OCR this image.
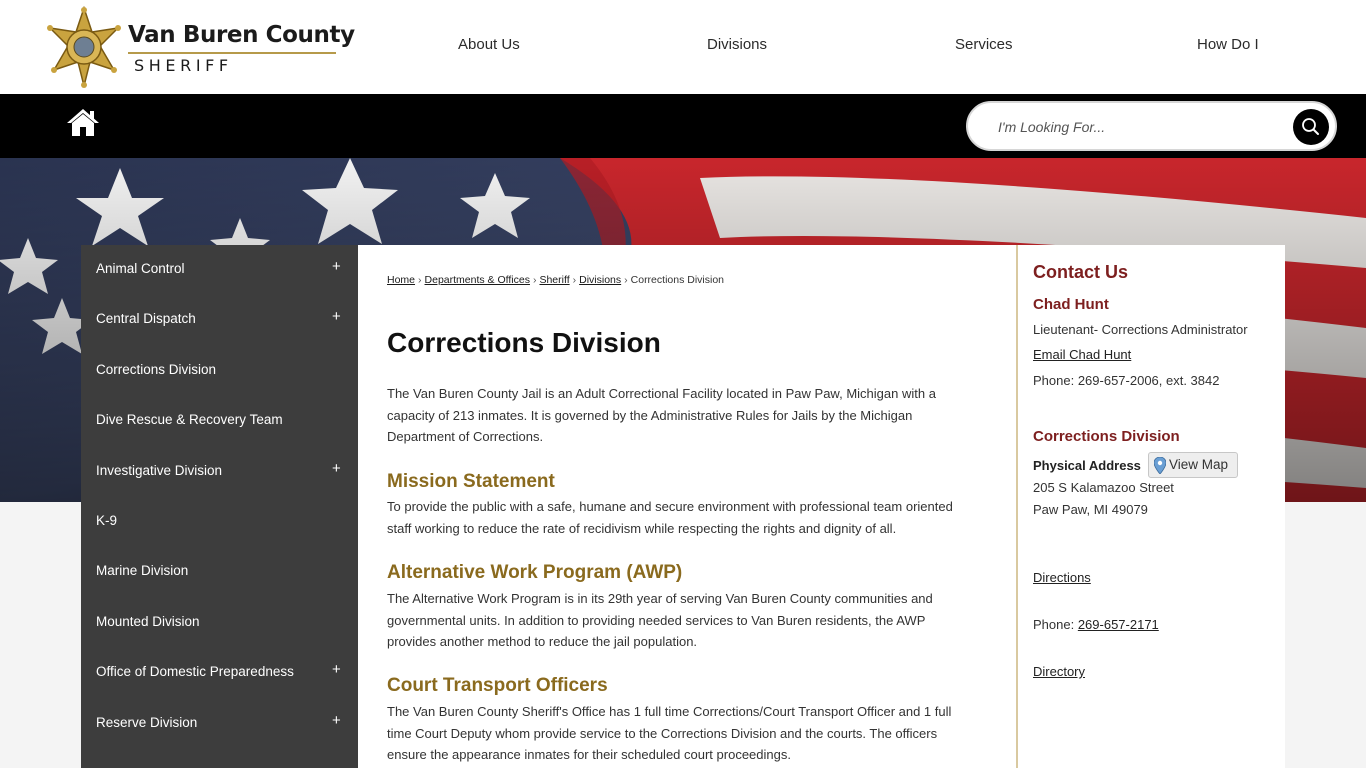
Van Buren County
SHERIFF
About Us	Divisions	Services	How Do I
I'm Looking For...
Animal Control	+
Central Dispatch	+
Corrections Division
Dive Rescue & Recovery Team
Investigative Division	+
K-9
Marine Division
Mounted Division
Office of Domestic Preparedness	+
Reserve Division	+
Home › Departments & Offices › Sheriff › Divisions › Corrections Division
Corrections Division
The Van Buren County Jail is an Adult Correctional Facility located in Paw Paw, Michigan with a
capacity of 213 inmates. It is governed by the Administrative Rules for Jails by the Michigan
Department of Corrections.
Mission Statement
To provide the public with a safe, humane and secure environment with professional team oriented
staff working to reduce the rate of recidivism while respecting the rights and dignity of all.
Alternative Work Program (AWP)
The Alternative Work Program is in its 29th year of serving Van Buren County communities and
governmental units. In addition to providing needed services to Van Buren residents, the AWP
provides another method to reduce the jail population.
Court Transport Officers
The Van Buren County Sheriff's Office has 1 full time Corrections/Court Transport Officer and 1 full
time Court Deputy whom provide service to the Corrections Division and the courts. The officers
ensure the appearance inmates for their scheduled court proceedings.
Contact Us
Chad Hunt
Lieutenant- Corrections Administrator
Email Chad Hunt
Phone: 269-657-2006, ext. 3842
Corrections Division
Physical Address View Map
205 S Kalamazoo Street
Paw Paw, MI 49079
Directions
Phone: 269-657-2171
Directory
